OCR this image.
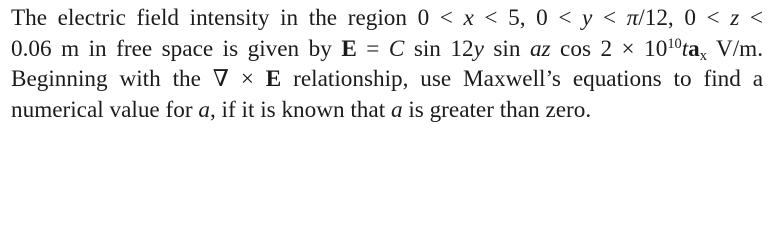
The electric field intensity in the region 0 < x < 5, 0 < y < π/12, 0 < z <
0.06 m in free space is given by E = C sin 12y sin az $\cos 2 \times 10^{10}ta_x$ V/m.
Beginning with the ∇ × E relationship, use Maxwell’s equations to find a
numerical value for a, if it is known that a is greater than zero.
